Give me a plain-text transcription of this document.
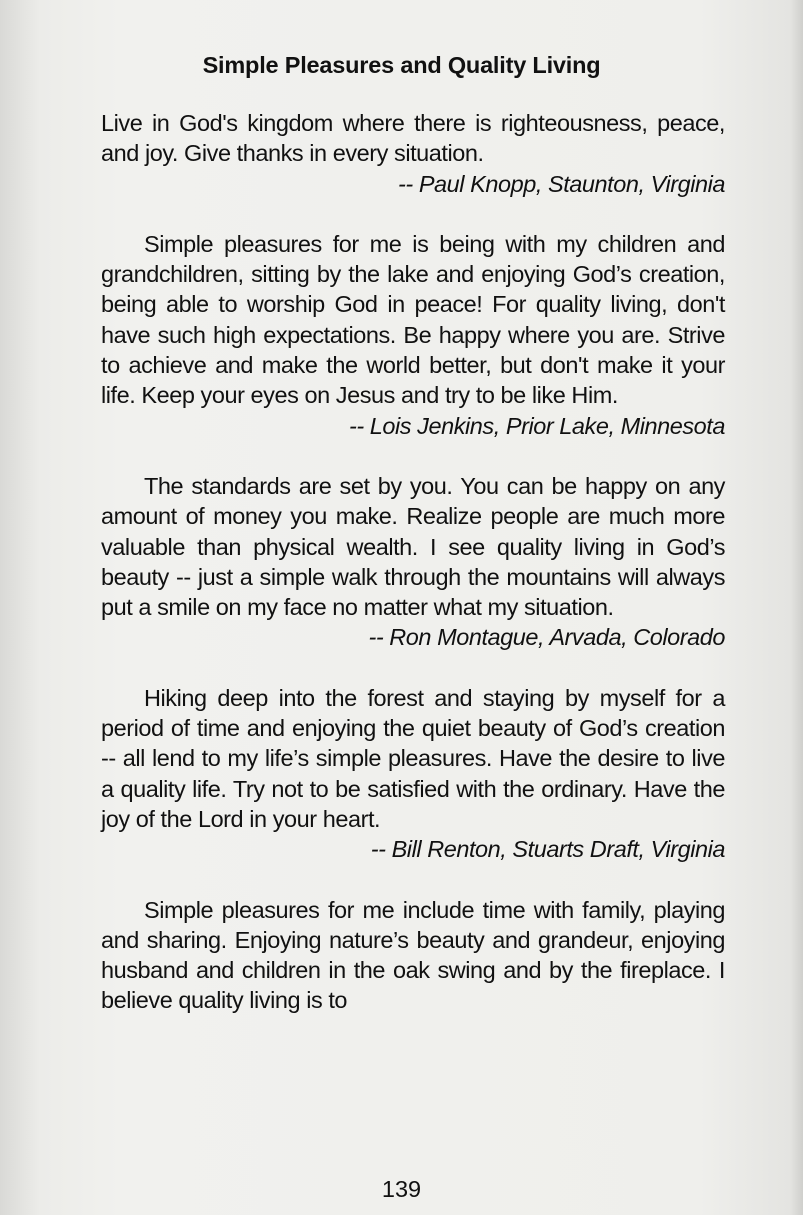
Simple Pleasures and Quality Living

Live in God's kingdom where there is righteousness, peace, and joy. Give thanks in every situation.

-- Paul Knopp, Staunton, Virginia

Simple pleasures for me is being with my children and grandchildren, sitting by the lake and enjoying God’s creation, being able to worship God in peace! For quality living, don't have such high expectations. Be happy where you are. Strive to achieve and make the world better, but don't make it your life. Keep your eyes on Jesus and try to be like Him.

-- Lois Jenkins, Prior Lake, Minnesota

The standards are set by you. You can be happy on any amount of money you make. Realize people are much more valuable than physical wealth. I see quality living in God’s beauty -- just a simple walk through the mountains will always put a smile on my face no matter what my situation.

-- Ron Montague, Arvada, Colorado

Hiking deep into the forest and staying by myself for a period of time and enjoying the quiet beauty of God’s creation -- all lend to my life’s simple pleasures. Have the desire to live a quality life. Try not to be satisfied with the ordinary. Have the joy of the Lord in your heart.

-- Bill Renton, Stuarts Draft, Virginia

Simple pleasures for me include time with family, playing and sharing. Enjoying nature’s beauty and grandeur, enjoying husband and children in the oak swing and by the fireplace. I believe quality living is to

139
